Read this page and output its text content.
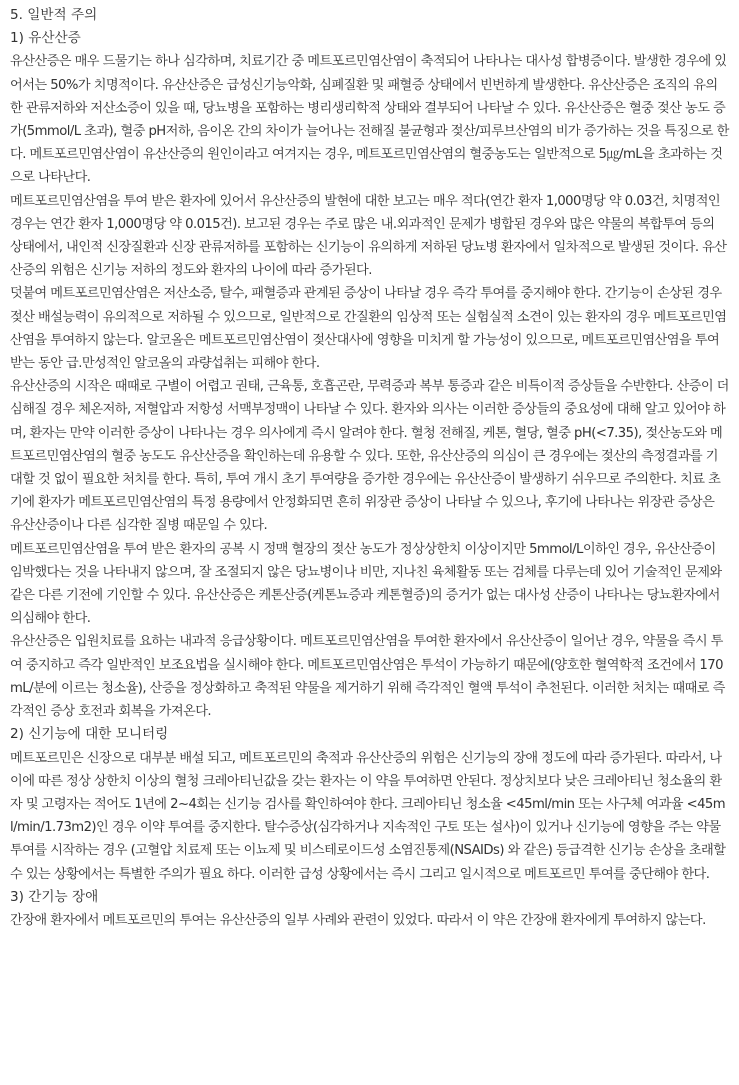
5. 일반적 주의
1) 유산산증

유산산증은 매우 드물기는 하나 심각하며, 치료기간 중 메트포르민염산염이 축적되어 나타나는 대사성 합병증이다. 발생한 경우에 있어서는 50%가 치명적이다. 유산산증은 급성신기능악화, 심폐질환 및 패혈증 상태에서 빈번하게 발생한다. 유산산증은 조직의 유의한 관류저하와 저산소증이 있을 때, 당뇨병을 포함하는 병리생리학적 상태와 결부되어 나타날 수 있다. 유산산증은 혈중 젖산 농도 증가(5mmol/L 초과), 혈중 pH저하, 음이온 간의 차이가 늘어나는 전해질 불균형과 젖산/피루브산염의 비가 증가하는 것을 특징으로 한다. 메트포르민염산염이 유산산증의 원인이라고 여겨지는 경우, 메트포르민염산염의 혈중농도는 일반적으로 5㎍/mL을 초과하는 것으로 나타난다.

메트포르민염산염을 투여 받은 환자에 있어서 유산산증의 발현에 대한 보고는 매우 적다(연간 환자 1,000명당 약 0.03건, 치명적인 경우는 연간 환자 1,000명당 약 0.015건). 보고된 경우는 주로 많은 내.외과적인 문제가 병합된 경우와 많은 약물의 복합투여 등의 상태에서, 내인적 신장질환과 신장 관류저하를 포함하는 신기능이 유의하게 저하된 당뇨병 환자에서 일차적으로 발생된 것이다. 유산산증의 위험은 신기능 저하의 정도와 환자의 나이에 따라 증가된다.

덧붙여 메트포르민염산염은 저산소증, 탈수, 패혈증과 관계된 증상이 나타날 경우 즉각 투여를 중지해야 한다. 간기능이 손상된 경우 젖산 배설능력이 유의적으로 저하될 수 있으므로, 일반적으로 간질환의 임상적 또는 실험실적 소견이 있는 환자의 경우 메트포르민염산염을 투여하지 않는다. 알코올은 메트포르민염산염이 젖산대사에 영향을 미치게 할 가능성이 있으므로, 메트포르민염산염을 투여 받는 동안 급.만성적인 알코올의 과량섭취는 피해야 한다.

유산산증의 시작은 때때로 구별이 어렵고 권태, 근육통, 호흡곤란, 무력증과 복부 통증과 같은 비특이적 증상들을 수반한다. 산증이 더 심해질 경우 체온저하, 저혈압과 저항성 서맥부정맥이 나타날 수 있다. 환자와 의사는 이러한 증상들의 중요성에 대해 알고 있어야 하며, 환자는 만약 이러한 증상이 나타나는 경우 의사에게 즉시 알려야 한다. 혈청 전해질, 케톤, 혈당, 혈중 pH(<7.35), 젖산농도와 메트포르민염산염의 혈중 농도도 유산산증을 확인하는데 유용할 수 있다. 또한, 유산산증의 의심이 큰 경우에는 젖산의 측정결과를 기대할 것 없이 필요한 처치를 한다. 특히, 투여 개시 초기 투여량을 증가한 경우에는 유산산증이 발생하기 쉬우므로 주의한다. 치료 초기에 환자가 메트포르민염산염의 특정 용량에서 안정화되면 흔히 위장관 증상이 나타날 수 있으나, 후기에 나타나는 위장관 증상은 유산산증이나 다른 심각한 질병 때문일 수 있다.

메트포르민염산염을 투여 받은 환자의 공복 시 정맥 혈장의 젖산 농도가 정상상한치 이상이지만 5mmol/L이하인 경우, 유산산증이 임박했다는 것을 나타내지 않으며, 잘 조절되지 않은 당뇨병이나 비만, 지나친 육체활동 또는 검체를 다루는데 있어 기술적인 문제와 같은 다른 기전에 기인할 수 있다. 유산산증은 케톤산증(케톤뇨증과 케톤혈증)의 증거가 없는 대사성 산증이 나타나는 당뇨환자에서 의심해야 한다.

유산산증은 입원치료를 요하는 내과적 응급상황이다. 메트포르민염산염을 투여한 환자에서 유산산증이 일어난 경우, 약물을 즉시 투여 중지하고 즉각 일반적인 보조요법을 실시해야 한다. 메트포르민염산염은 투석이 가능하기 때문에(양호한 혈역학적 조건에서 170mL/분에 이르는 청소율), 산증을 정상화하고 축적된 약물을 제거하기 위해 즉각적인 혈액 투석이 추천된다. 이러한 처치는 때때로 즉각적인 증상 호전과 회복을 가져온다.

2) 신기능에 대한 모니터링

메트포르민은 신장으로 대부분 배설 되고, 메트포르민의 축적과 유산산증의 위험은 신기능의 장애 정도에 따라 증가된다. 따라서, 나이에 따른 정상 상한치 이상의 혈청 크레아티닌값을 갖는 환자는 이 약을 투여하면 안된다. 정상치보다 낮은 크레아티닌 청소율의 환자 및 고령자는 적어도 1년에 2~4회는 신기능 검사를 확인하여야 한다. 크레아티닌 청소율 <45ml/min 또는 사구체 여과율 <45ml/min/1.73m2)인 경우 이약 투여를 중지한다. 탈수증상(심각하거나 지속적인 구토 또는 설사)이 있거나 신기능에 영향을 주는 약물투여를 시작하는 경우 (고혈압 치료제 또는 이뇨제 및 비스테로이드성 소염진통제(NSAIDs) 와 같은) 등급격한 신기능 손상을 초래할 수 있는 상황에서는 특별한 주의가 필요 하다. 이러한 급성 상황에서는 즉시 그리고 일시적으로 메트포르민 투여를 중단해야 한다.

3) 간기능 장애

간장애 환자에서 메트포르민의 투여는 유산산증의 일부 사례와 관련이 있었다. 따라서 이 약은 간장애 환자에게 투여하지 않는다.
